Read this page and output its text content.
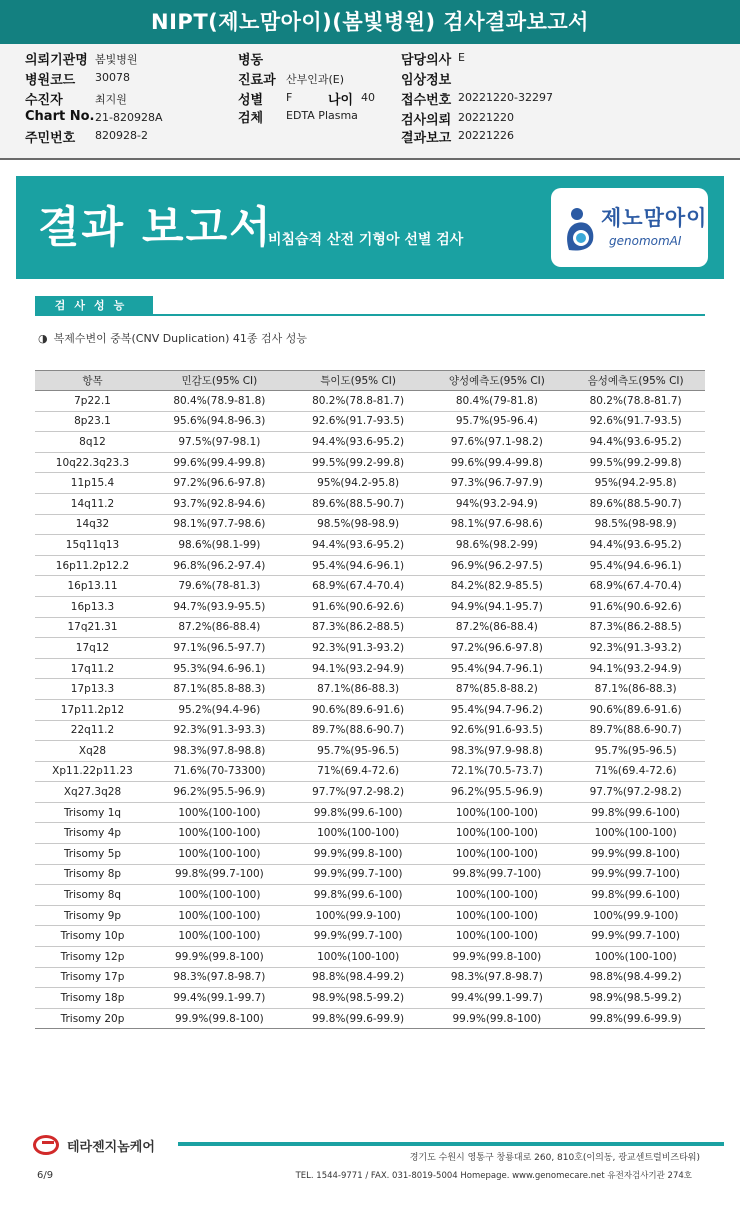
NIPT(제노맘아이)(봄빛병원) 검사결과보고서
의뢰기관명 봄빛병원
병원코드 30078
수진자	최지원
Chart No. 21-820928A
주민번호 820928-2
병동
진료과 산부인과(E)
성별 F	나이 40
검체 EDTA Plasma
담당의사 E
임상정보
접수번호 20221220-32297
검사의뢰 20221220
결과보고 20221226
결과 보고서
비침습적 산전 기형아 선별 검사
제노맘아이
genomomAI
검사성능
◑ 복제수변이 중복(CNV Duplication) 41종 검사 성능
항목	민감도(95% CI)	특이도(95% CI)	양성예측도(95% CI)	음성예측도(95% CI)
7p22.1	80.4%(78.9-81.8)	80.2%(78.8-81.7)	80.4%(79-81.8)	80.2%(78.8-81.7)
8p23.1	95.6%(94.8-96.3)	92.6%(91.7-93.5)	95.7%(95-96.4)	92.6%(91.7-93.5)
8q12	97.5%(97-98.1)	94.4%(93.6-95.2)	97.6%(97.1-98.2)	94.4%(93.6-95.2)
10q22.3q23.3	99.6%(99.4-99.8)	99.5%(99.2-99.8)	99.6%(99.4-99.8)	99.5%(99.2-99.8)
11p15.4	97.2%(96.6-97.8)	95%(94.2-95.8)	97.3%(96.7-97.9)	95%(94.2-95.8)
14q11.2	93.7%(92.8-94.6)	89.6%(88.5-90.7)	94%(93.2-94.9)	89.6%(88.5-90.7)
14q32	98.1%(97.7-98.6)	98.5%(98-98.9)	98.1%(97.6-98.6)	98.5%(98-98.9)
15q11q13	98.6%(98.1-99)	94.4%(93.6-95.2)	98.6%(98.2-99)	94.4%(93.6-95.2)
16p11.2p12.2	96.8%(96.2-97.4)	95.4%(94.6-96.1)	96.9%(96.2-97.5)	95.4%(94.6-96.1)
16p13.11	79.6%(78-81.3)	68.9%(67.4-70.4)	84.2%(82.9-85.5)	68.9%(67.4-70.4)
16p13.3	94.7%(93.9-95.5)	91.6%(90.6-92.6)	94.9%(94.1-95.7)	91.6%(90.6-92.6)
17q21.31	87.2%(86-88.4)	87.3%(86.2-88.5)	87.2%(86-88.4)	87.3%(86.2-88.5)
17q12	97.1%(96.5-97.7)	92.3%(91.3-93.2)	97.2%(96.6-97.8)	92.3%(91.3-93.2)
17q11.2	95.3%(94.6-96.1)	94.1%(93.2-94.9)	95.4%(94.7-96.1)	94.1%(93.2-94.9)
17p13.3	87.1%(85.8-88.3)	87.1%(86-88.3)	87%(85.8-88.2)	87.1%(86-88.3)
17p11.2p12	95.2%(94.4-96)	90.6%(89.6-91.6)	95.4%(94.7-96.2)	90.6%(89.6-91.6)
22q11.2	92.3%(91.3-93.3)	89.7%(88.6-90.7)	92.6%(91.6-93.5)	89.7%(88.6-90.7)
Xq28	98.3%(97.8-98.8)	95.7%(95-96.5)	98.3%(97.9-98.8)	95.7%(95-96.5)
Xp11.22p11.23	71.6%(70-73300)	71%(69.4-72.6)	72.1%(70.5-73.7)	71%(69.4-72.6)
Xq27.3q28	96.2%(95.5-96.9)	97.7%(97.2-98.2)	96.2%(95.5-96.9)	97.7%(97.2-98.2)
Trisomy 1q	100%(100-100)	99.8%(99.6-100)	100%(100-100)	99.8%(99.6-100)
Trisomy 4p	100%(100-100)	100%(100-100)	100%(100-100)	100%(100-100)
Trisomy 5p	100%(100-100)	99.9%(99.8-100)	100%(100-100)	99.9%(99.8-100)
Trisomy 8p	99.8%(99.7-100)	99.9%(99.7-100)	99.8%(99.7-100)	99.9%(99.7-100)
Trisomy 8q	100%(100-100)	99.8%(99.6-100)	100%(100-100)	99.8%(99.6-100)
Trisomy 9p	100%(100-100)	100%(99.9-100)	100%(100-100)	100%(99.9-100)
Trisomy 10p	100%(100-100)	99.9%(99.7-100)	100%(100-100)	99.9%(99.7-100)
Trisomy 12p	99.9%(99.8-100)	100%(100-100)	99.9%(99.8-100)	100%(100-100)
Trisomy 17p	98.3%(97.8-98.7)	98.8%(98.4-99.2)	98.3%(97.8-98.7)	98.8%(98.4-99.2)
Trisomy 18p	99.4%(99.1-99.7)	98.9%(98.5-99.2)	99.4%(99.1-99.7)	98.9%(98.5-99.2)
Trisomy 20p	99.9%(99.8-100)	99.8%(99.6-99.9)	99.9%(99.8-100)	99.8%(99.6-99.9)
테라젠지놈케어
경기도 수원시 영통구 창룡대로 260, 810호(이의동, 광교센트럴비즈타워)
TEL. 1544-9771 / FAX. 031-8019-5004 Homepage. www.genomecare.net 유전자검사기관 274호
6/9
